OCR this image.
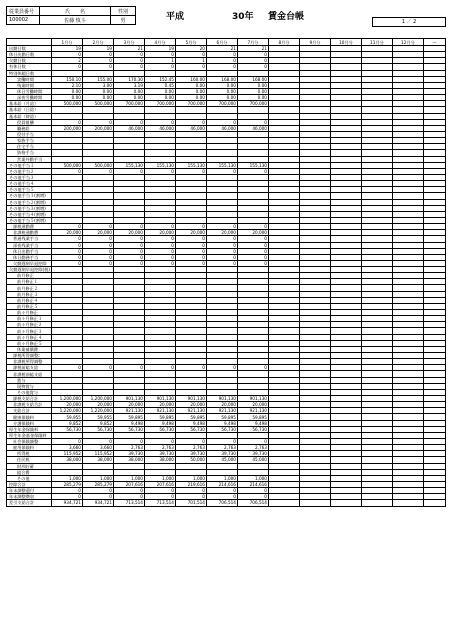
従業員番号	氏　　名	性別
100002	佐藤 慎斗	男	平成	30年 賃金台帳	1 ／ 2
	1月分	2月分	3月分	4月分	5月分	6月分	7月分	8月分	9月分	10月分	11月分	12月分	—
出勤日数	19	19	21	19	20	21	21						
休日出勤日数	0	0	0	0	0	0	0						
欠勤日数	2	0	0	1	1	0	0						
有休日数	0	0	0	0	0	0	0						
特別休暇日数													
実働時間	150.10	155.00	170.30	152.45	160.00	168.00	168.00						
残業時間	2.10	3.00	3.19	0.45	0.00	0.00	0.00						
休日労働時間	0.00	0.00	0.00	0.00	0.00	0.00	0.00						
深夜労働時間	0.00	0.00	0.00	0.00	0.00	0.00	0.00						
基本給（月給）	500,000	500,000	700,000	700,000	700,000	700,000	700,000						
基本給（日給）													
基本給（時給）													
役員報酬	0	0	0	0	0	0	0						
職務給	200,000	200,000	46,000	46,000	46,000	46,000	46,000						
役付手当													
家族手当													
住宅手当													
資格手当													
営業外勤手当													
その他手当１	500,000	500,000	155,130	155,130	155,130	155,130	155,130						
その他手当２	0	0	0	0	0	0	0						
その他手当３													
その他手当４													
その他手当５													
その他手当１(割増)													
その他手当２(割増)													
その他手当３(割増)													
その他手当４(割増)													
その他手当５(割増)													
課税通勤費	0	0	0	0	0	0	0						
非課税通勤費	20,000	20,000	20,000	20,000	20,000	20,000	20,000						
普通残業手当	0	0	0	0	0	0	0						
深夜残業手当	0	0	0	0	0	0	0						
休日出勤手当	0	0	0	0	0	0	0						
休日勤務手当	0	0	0	0	0	0	0						
欠勤遅刻早退控除	0	0	0	0	0	0	0						
欠勤遅刻早退控除(税)													
前月修正													
前月修正１													
前月修正２													
前月修正３													
前月修正４													
前月修正５													
前々月修正													
前々月修正１													
前々月修正２													
前々月修正３													
前々月修正４													
前々月修正５													
休業補償費													
課税所得調整ﾆ													
非課税所得調整													
課税前総支給	0	0	0	0	0	0	0						
非課税前総支給													
賞与													
現物賞与													
その他賞与													
課税支給合計	1,200,000	1,200,000	901,130	901,130	901,130	901,130	901,130						
非課税支給合計	20,000	20,000	20,000	20,000	20,000	20,000	20,000						
支給合計	1,220,000	1,220,000	921,130	921,130	921,130	921,130	921,130						
健康保険料	59,955	59,955	59,895	59,895	59,895	59,895	59,895						
介護保険料	9,852	9,852	9,498	9,498	9,498	9,498	9,498						
厚生年金保険料	56,730	56,730	56,730	56,730	56,730	56,730	56,730						
厚生年金基金保険料													
社会保険調整	0	0	0	0	0	0	0						
雇用保険料	3,660	3,660	2,763	2,763	2,763	2,763	2,763						
所得税	115,952	115,952	39,730	39,730	39,730	39,730	39,730						
住民税	38,000	38,000	38,000	38,000	50,000	45,000	45,000						
財形貯蓄													
組合費													
その他	1,000	1,000	1,000	1,000	1,000	1,000	1,000						
控除合計	285,279	285,279	207,616	207,616	219,616	214,616	214,616						
年末調整還付	0	0	0	0	0	0	0						
年末調整徴収	0	0	0	0	0	0	0						
差引支給合計	934,721	934,721	713,514	713,514	701,514	706,514	706,514						
